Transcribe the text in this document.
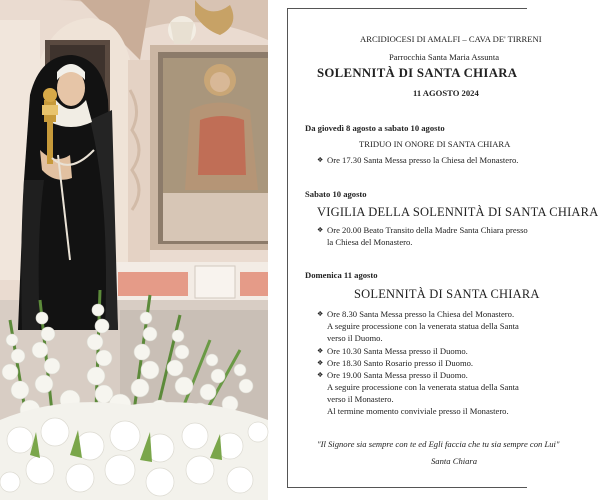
ARCIDIOCESI DI AMALFI – CAVA DE' TIRRENI
Parrocchia Santa Maria Assunta
SOLENNITÀ DI SANTA CHIARA
11 AGOSTO 2024
Da giovedì 8 agosto a sabato 10 agosto
TRIDUO IN ONORE DI SANTA CHIARA
❖ Ore 17.30 Santa Messa presso la Chiesa del Monastero.
Sabato 10 agosto
VIGILIA DELLA SOLENNITÀ DI SANTA CHIARA
❖ Ore 20.00 Beato Transito della Madre Santa Chiara presso
la Chiesa del Monastero.
Domenica 11 agosto
SOLENNITÀ DI SANTA CHIARA
❖ Ore 8.30 Santa Messa presso la Chiesa del Monastero.
A seguire processione con la venerata statua della Santa
verso il Duomo.
❖ Ore 10.30 Santa Messa presso il Duomo.
❖ Ore 18.30 Santo Rosario presso il Duomo.
❖ Ore 19.00 Santa Messa presso il Duomo.
A seguire processione con la venerata statua della Santa
verso il Monastero.
Al termine momento conviviale presso il Monastero.
"Il Signore sia sempre con te ed Egli faccia che tu sia sempre con Lui"
Santa Chiara
